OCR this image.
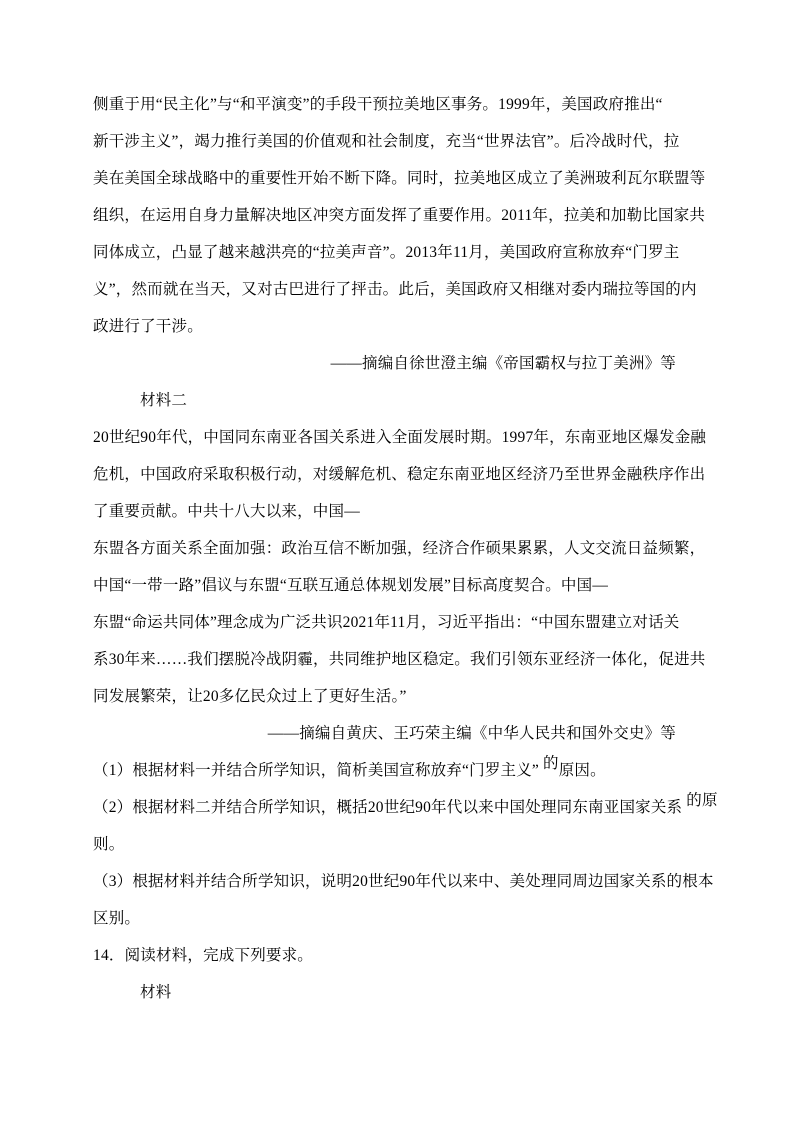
侧重于用“民主化”与“和平演变”的手段干预拉美地区事务。1999年，美国政府推出“
新干涉主义”，竭力推行美国的价值观和社会制度，充当“世界法官”。后冷战时代，拉
美在美国全球战略中的重要性开始不断下降。同时，拉美地区成立了美洲玻利瓦尔联盟等
组织，在运用自身力量解决地区冲突方面发挥了重要作用。2011年，拉美和加勒比国家共
同体成立，凸显了越来越洪亮的“拉美声音”。2013年11月，美国政府宣称放弃“门罗主
义”，然而就在当天，又对古巴进行了抨击。此后，美国政府又相继对委内瑞拉等国的内
政进行了干涉。
——摘编自徐世澄主编《帝国霸权与拉丁美洲》等
材料二
20世纪90年代，中国同东南亚各国关系进入全面发展时期。1997年，东南亚地区爆发金融
危机，中国政府采取积极行动，对缓解危机、稳定东南亚地区经济乃至世界金融秩序作出
了重要贡献。中共十八大以来，中国—
东盟各方面关系全面加强：政治互信不断加强，经济合作硕果累累，人文交流日益频繁，
中国“一带一路”倡议与东盟“互联互通总体规划发展”目标高度契合。中国—
东盟“命运共同体”理念成为广泛共识2021年11月，习近平指出：“中国东盟建立对话关
系30年来……我们摆脱冷战阴霾，共同维护地区稳定。我们引领东亚经济一体化，促进共
同发展繁荣，让20多亿民众过上了更好生活。”
——摘编自黄庆、王巧荣主编《中华人民共和国外交史》等
（1）根据材料一并结合所学知识，简析美国宣称放弃“门罗主义” 的原因。
（2）根据材料二并结合所学知识，概括20世纪90年代以来中国处理同东南亚国家关系 的原
则。
（3）根据材料并结合所学知识，说明20世纪90年代以来中、美处理同周边国家关系的根本
区别。
14．阅读材料，完成下列要求。
材料
